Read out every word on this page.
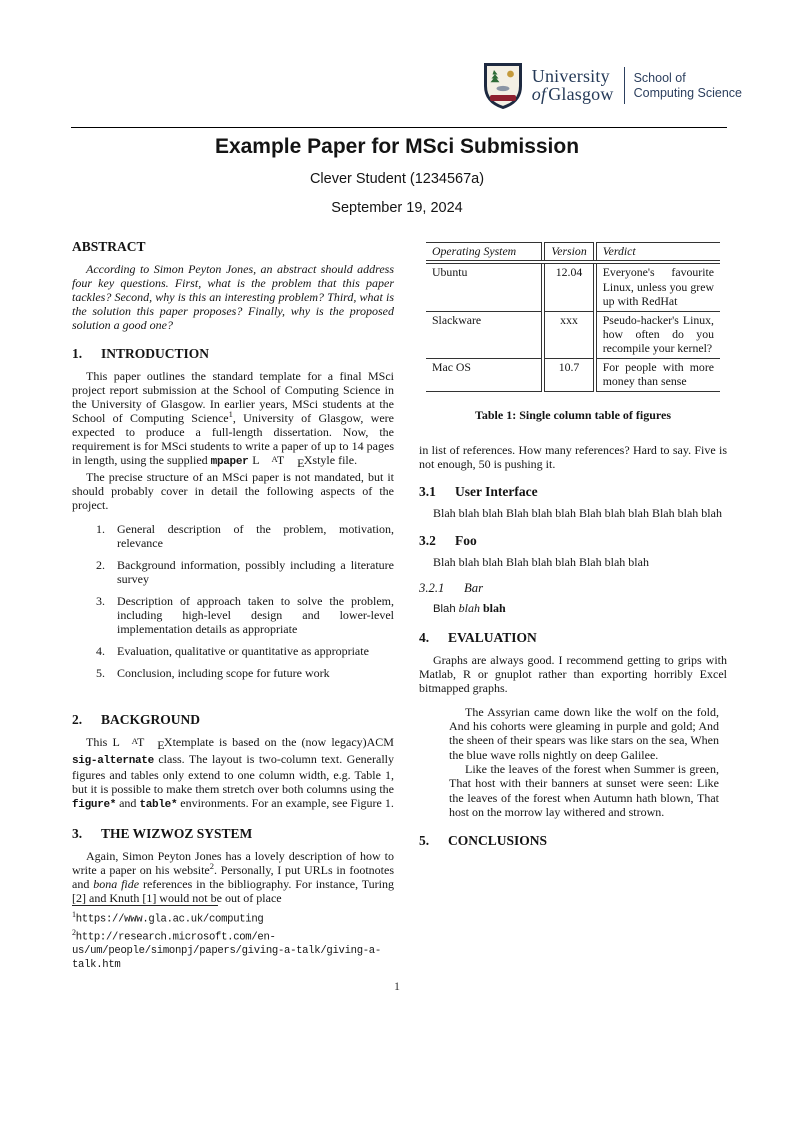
University
of Glasgow
School of
Computing Science
Example Paper for MSci Submission
Clever Student (1234567a)
September 19, 2024
ABSTRACT

According to Simon Peyton Jones, an abstract should address four key questions. First, what is the problem that this paper tackles? Second, why is this an interesting problem? Third, what is the solution this paper proposes? Finally, why is the proposed solution a good one?

1. INTRODUCTION

This paper outlines the standard template for a final MSci project report submission at the School of Computing Science in the University of Glasgow. In earlier years, MSci students at the School of Computing Science$^1$, University of Glasgow, were expected to produce a full-length dissertation. Now, the requirement is for MSci students to write a paper of up to 14 pages in length, using the supplied mpaper L AT EXstyle file.

The precise structure of an MSci paper is not mandated, but it should probably cover in detail the following aspects of the project.

1.	General description of the problem, motivation, relevance
2.	Background information, possibly including a literature survey
3.	Description of approach taken to solve the problem, including high-level design and lower-level implementation details as appropriate
4.	Evaluation, qualitative or quantitative as appropriate
5.	Conclusion, including scope for future work
2. BACKGROUND

This L AT EXtemplate is based on the (now legacy)ACM sig-alternate class. The layout is two-column text. Generally figures and tables only extend to one column width, e.g. Table 1, but it is possible to make them stretch over both columns using the figure* and table* environments. For an example, see Figure 1.

3. THE WIZWOZ SYSTEM

Again, Simon Peyton Jones has a lovely description of how to write a paper on his website$^2$. Personally, I put URLs in footnotes and bona fide references in the bibliography. For instance, Turing [2] and Knuth [1] would not be out of place

$^1$https://www.gla.ac.uk/computing
$^2$http://research.microsoft.com/en-us/um/people/simonpj/papers/giving-a-talk/giving-a-talk.htm
Operating System	Version	Verdict
Ubuntu	12.04	Everyone's favourite Linux, unless you grew up with RedHat
Slackware	xxx	Pseudo-hacker's Linux, how often do you recompile your kernel?
Mac OS	10.7	For people with more money than sense
Table 1: Single column table of figures

in list of references. How many references? Hard to say. Five is not enough, 50 is pushing it.

3.1 User Interface

Blah blah blah Blah blah blah Blah blah blah Blah blah blah

3.2 Foo

Blah blah blah Blah blah blah Blah blah blah

3.2.1 Bar

Blah blah blah

4. EVALUATION

Graphs are always good. I recommend getting to grips with Matlab, R or gnuplot rather than exporting horribly Excel bitmapped graphs.

The Assyrian came down like the wolf on the fold, And his cohorts were gleaming in purple and gold; And the sheen of their spears was like stars on the sea, When the blue wave rolls nightly on deep Galilee.

Like the leaves of the forest when Summer is green, That host with their banners at sunset were seen: Like the leaves of the forest when Autumn hath blown, That host on the morrow lay withered and strown.

5. CONCLUSIONS
1
